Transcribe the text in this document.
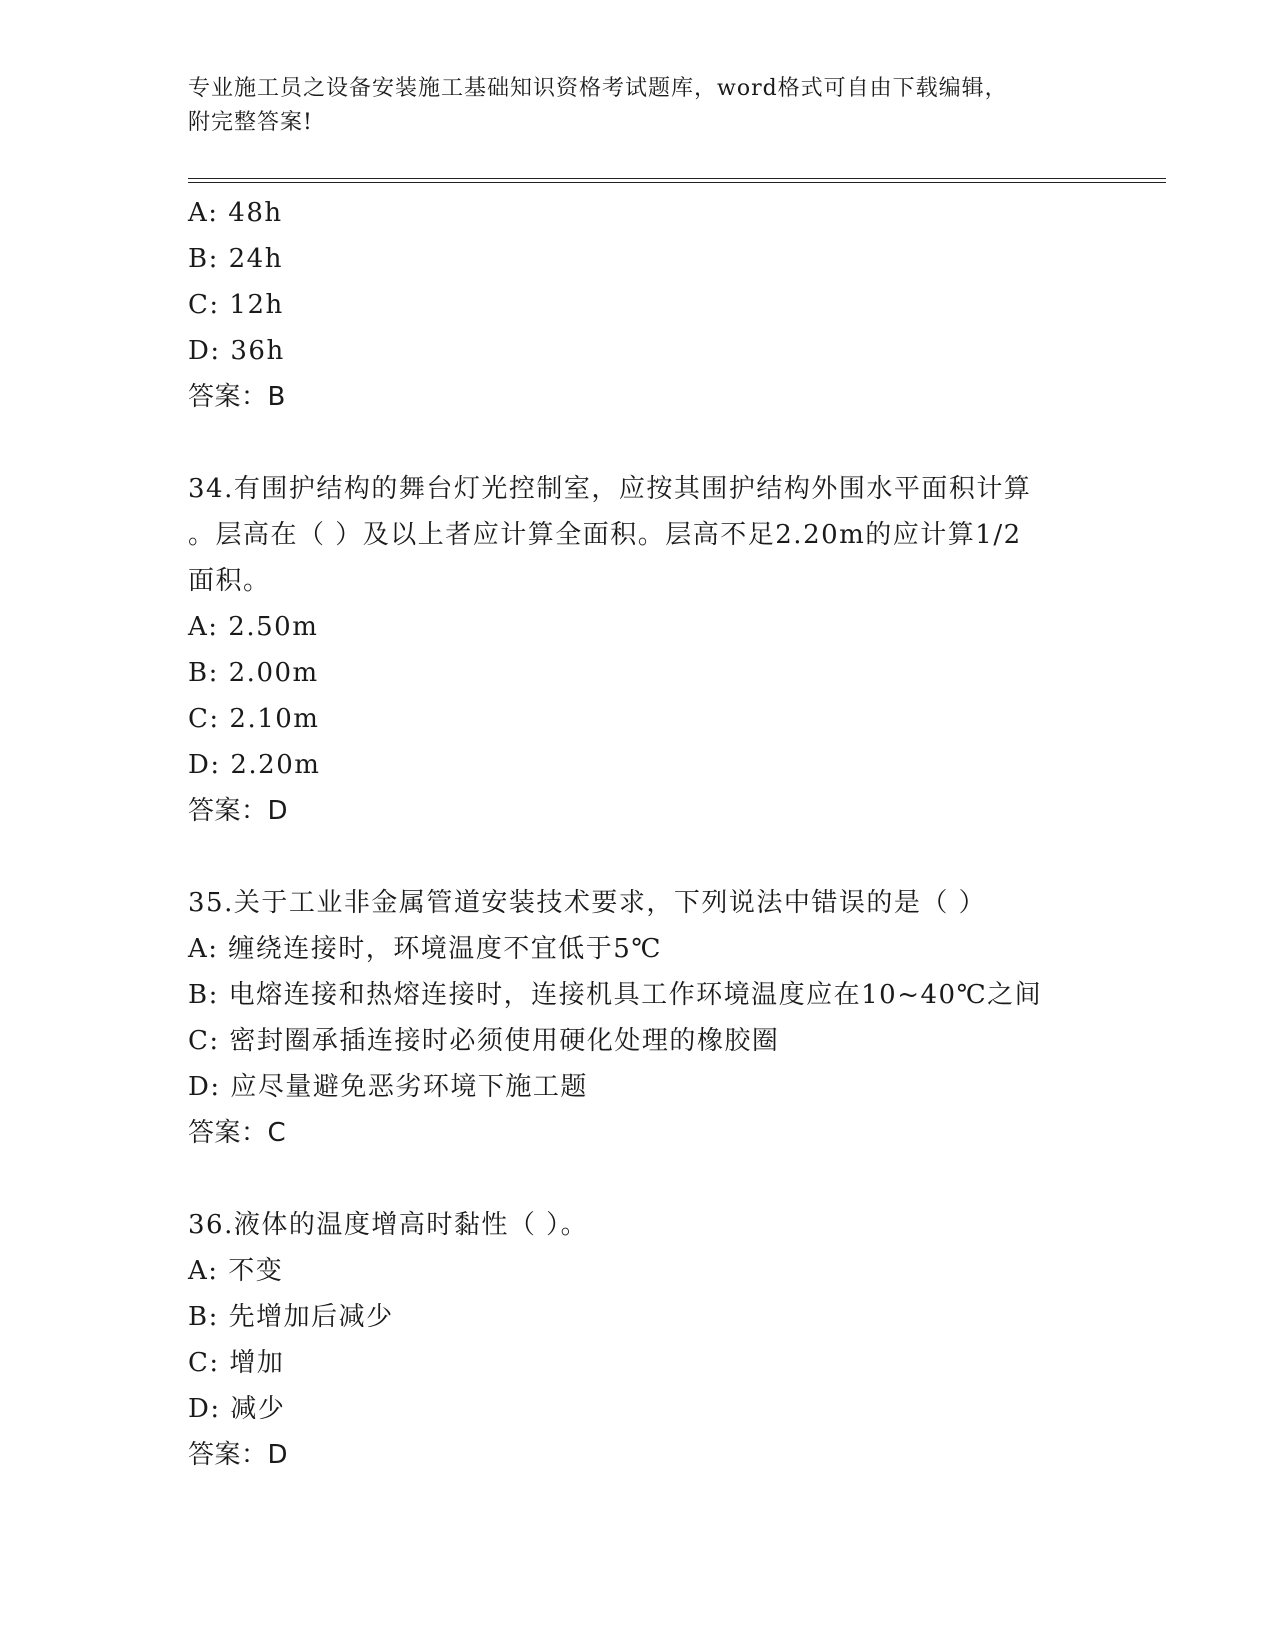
专业施工员之设备安装施工基础知识资格考试题库，word格式可自由下载编辑，
附完整答案!
A: 48h
B: 24h
C: 12h
D: 36h
答案：B
34.有围护结构的舞台灯光控制室，应按其围护结构外围水平面积计算
。层高在（ ）及以上者应计算全面积。层高不足2.20m的应计算1/2
面积。
A: 2.50m
B: 2.00m
C: 2.10m
D: 2.20m
答案：D
35.关于工业非金属管道安装技术要求，下列说法中错误的是（ ）
A: 缠绕连接时，环境温度不宜低于5℃
B: 电熔连接和热熔连接时，连接机具工作环境温度应在10~40℃之间
C: 密封圈承插连接时必须使用硬化处理的橡胶圈
D: 应尽量避免恶劣环境下施工题
答案：C
36.液体的温度增高时黏性（ ）。
A: 不变
B: 先增加后减少
C: 增加
D: 减少
答案：D
